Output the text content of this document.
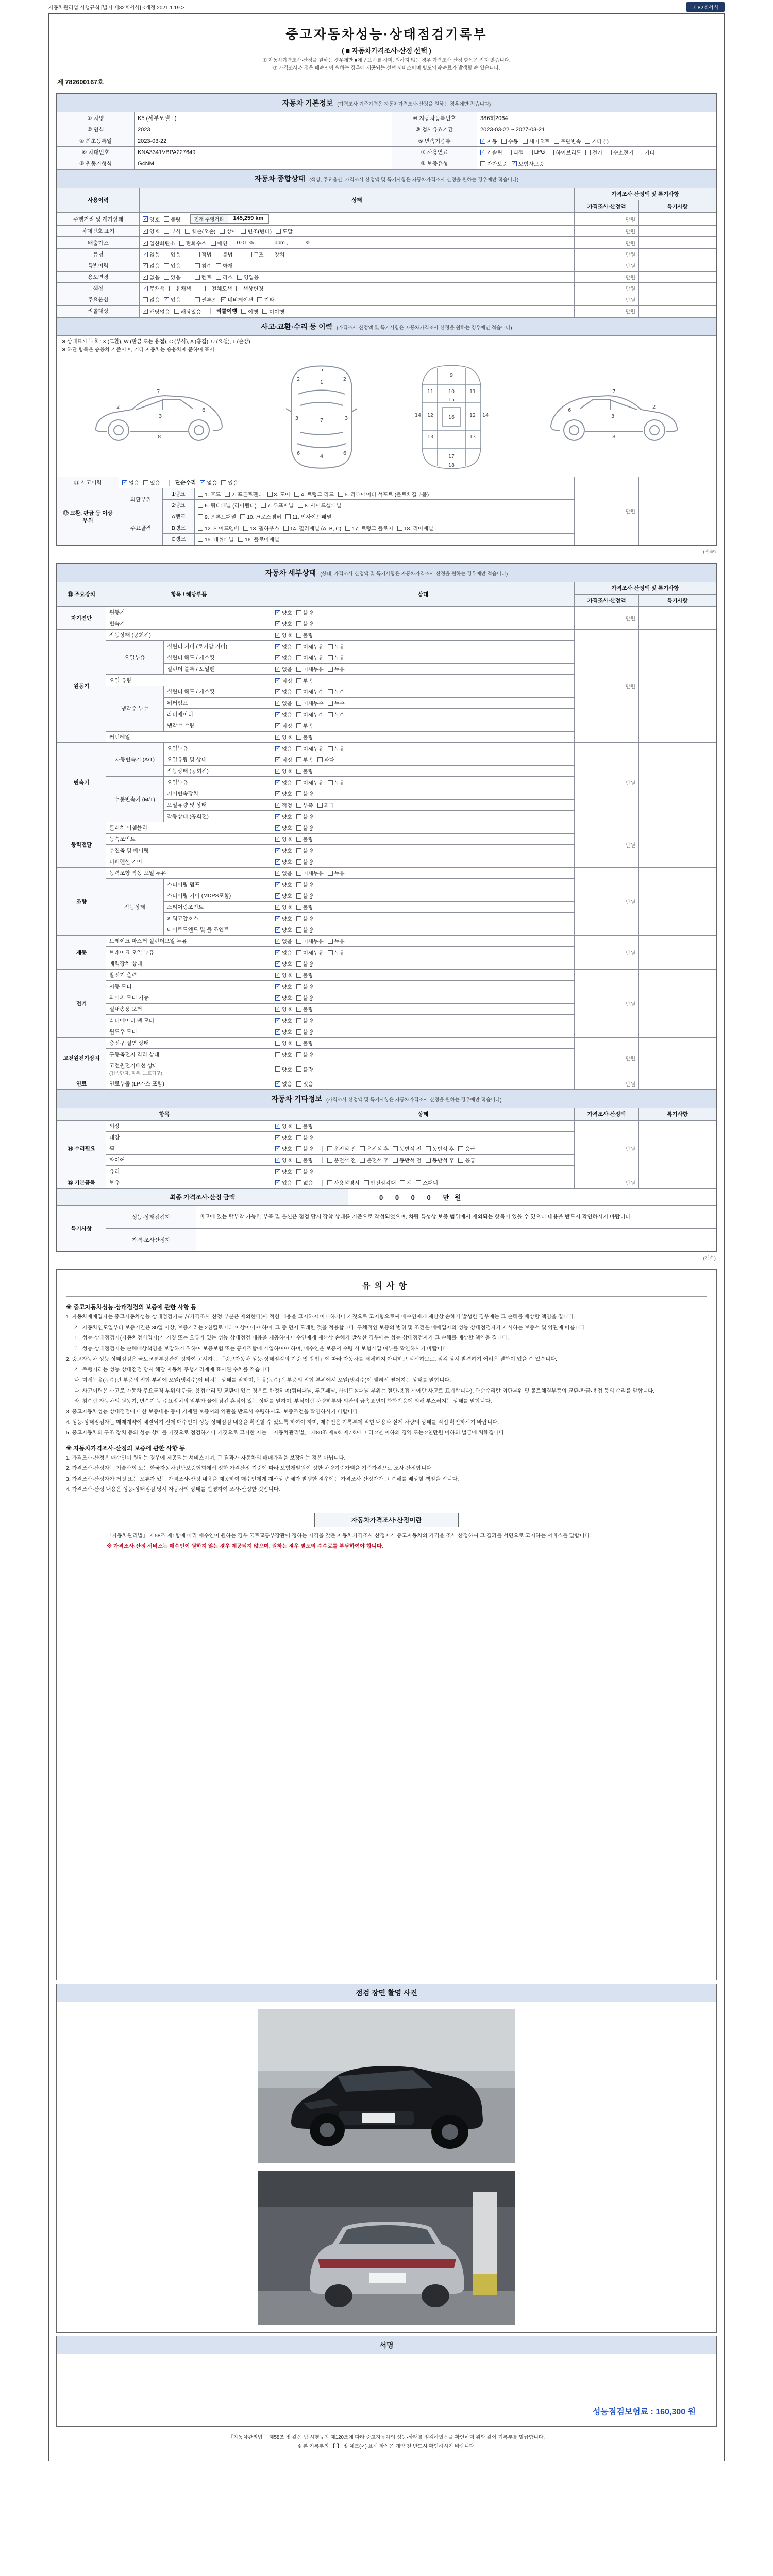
자동차관리법 시행규칙 [별지 제82호서식] <개정 2021.1.19.>	제82호서식
중고자동차성능·상태점검기록부
( ■ 자동차가격조사·산정 선택 )
① 자동차가격조사·산정을 원하는 경우에만 ■에 √ 표시를 하며, 원하지 않는 경우 가격조사·산정 항목은 적지 않습니다.
② 가격조사·산정은 매수인이 원하는 경우에 제공되는 선택 서비스이며 별도의 수수료가 발생할 수 있습니다.
제 782600167호
자동차 기본정보 (가격조사 기준가격은 자동차가격조사·산정을 원하는 경우에만 적습니다)			
① 차명	K5 (세부모델 : )	⑩ 자동차등록번호	386허2064
② 연식	2023	③ 검사유효기간	2023-03-22 ~ 2027-03-21
④ 최초등록일	2023-03-22	⑤ 변속기종류	✓ 자동 수동 세미오토 무단변속 기타 ( )

⑥ 차대번호	KNA3341VBPA227649	⑦ 사용연료	✓ 가솔린 디젤 LPG 하이브리드 전기 수소전기 기타

⑧ 원동기형식	G4NM	⑨ 보증유형	자가보증 ✓ 보험사보증
자동차 종합상태 (색상, 주요옵션, 가격조사·산정액 및 특기사항은 자동차가격조사·산정을 원하는 경우에만 적습니다)			
사용이력	상태	가격조사·산정액 및 특기사항	
		가격조사·산정액	특기사항
주행거리 및 계기상태	✓ 양호 불량 현재 주행거리 145,259 km	만원	
차대번호 표기	✓ 양호 부식 훼손(오손) 상이 변조(변타) 도말	만원	
배출가스	✓ 일산화탄소 탄화수소 매연 0.01 % ,　　　 ppm ,　　　 %	만원	
튜닝	✓ 없음 있음	적법 불법	구조 장치	만원	
특별이력	✓ 없음 있음 침수 화재	만원	
용도변경	✓ 없음 있음	렌트 리스 영업용	만원	
색상	✓ 무채색 유채색 전체도색 색상변경	만원	
주요옵션	없음 ✓ 있음	썬루프 ✓ 네비게이션 기타	만원	
리콜대상	✓ 해당없음 해당있음	리콜이행 이행 미이행	만원	
사고·교환·수리 등 이력 (가격조사·산정액 및 특기사항은 자동차가격조사·산정을 원하는 경우에만 적습니다)					

※ 상태표시 부호 : X (교환), W (판금 또는 용접), C (부식), A (흠집), U (요철), T (손상)
※ 하단 항목은 승용차 기준이며, 기타 자동차는 승용차에 준하여 표시					

7
2
3
6
8
1
7
4
2	2
3	3
6	6
5
9
10
11	11
12	12
13	13
14	14
15
16
17
18
7
2
3
6
8

⑪ 사고이력	✓ 없음 있음	단순수리 ✓ 없음 있음
	만원	
⑫ 교환, 판금 등 이상 부위	외판부위	1랭크	1. 후드 2. 프론트펜더 3. 도어 4. 트렁크 리드 5. 라디에이터 서포트 (볼트체결부품)		

		2랭크	6. 쿼터패널 (리어펜더) 7. 루프패널 8. 사이드실패널		

	주요골격	A랭크	9. 프론트패널 10. 크로스멤버 11. 인사이드패널		

		B랭크	12. 사이드멤버 13. 휠하우스 14. 필러패널 (A, B, C) 17. 트렁크 플로어 18. 리어패널		

		C랭크	15. 대쉬패널 16. 플로어패널		
(계속)
자동차 세부상태 (상태, 가격조사·산정액 및 특기사항은 자동차가격조사·산정을 원하는 경우에만 적습니다)					
⑬ 주요장치	항목 / 해당부품		상태	가격조사·산정액 및 특기사항	
				가격조사·산정액	특기사항
자기진단	원동기		✓ 양호 불량	만원	
	변속기		✓ 양호 불량		

원동기	작동상태 (공회전)		✓ 양호 불량	만원	
	오일누유	실린더 커버 (로커암 커버)	✓ 없음 미세누유 누유		

		실린더 헤드 / 개스킷	✓ 없음 미세누유 누유		

		실린더 블록 / 오일팬	✓ 없음 미세누유 누유		

	오일 유량		✓ 적정 부족		

	냉각수 누수	실린더 헤드 / 개스킷	✓ 없음 미세누수 누수		

		워터펌프	✓ 없음 미세누수 누수		

		라디에이터	✓ 없음 미세누수 누수		

		냉각수 수량	✓ 적정 부족		

	커먼레일		✓ 양호 불량		

변속기	자동변속기 (A/T)	오일누유	✓ 없음 미세누유 누유	만원	
		오일유량 및 상태	✓ 적정 부족 과다		

		작동상태 (공회전)	✓ 양호 불량		

	수동변속기 (M/T)	오일누유	✓ 없음 미세누유 누유		

		기어변속장치	✓ 양호 불량		

		오일유량 및 상태	✓ 적정 부족 과다		

		작동상태 (공회전)	✓ 양호 불량		

동력전달	클러치 어셈블리		✓ 양호 불량	만원	
	등속조인트		✓ 양호 불량		

	추진축 및 베어링		✓ 양호 불량		

	디퍼렌셜 기어		✓ 양호 불량		

조향	동력조향 작동 오일 누유		✓ 없음 미세누유 누유	만원	
	작동상태	스티어링 펌프	✓ 양호 불량		

		스티어링 기어 (MDPS포함)	✓ 양호 불량		

		스티어링조인트	✓ 양호 불량		

		파워고압호스	✓ 양호 불량		

		타이로드엔드 및 볼 조인트	✓ 양호 불량		

제동	브레이크 마스터 실린더오일 누유		✓ 없음 미세누유 누유	만원	
	브레이크 오일 누유		✓ 없음 미세누유 누유		

	배력장치 상태		✓ 양호 불량		

전기	발전기 출력		✓ 양호 불량	만원	
	시동 모터		✓ 양호 불량		

	와이퍼 모터 기능		✓ 양호 불량		

	실내송풍 모터		✓ 양호 불량		

	라디에이터 팬 모터		✓ 양호 불량		

	윈도우 모터		✓ 양호 불량		

고전원전기장치	충전구 절연 상태		양호 불량	만원	
	구동축전지 격리 상태		양호 불량		

	고전원전기배선 상태
(접속단자, 피복, 보호기구)		양호 불량		

연료	연료누출 (LP가스 포함)		✓ 없음 있음	만원	
자동차 기타정보 (가격조사·산정액 및 특기사항은 자동차가격조사·산정을 원하는 경우에만 적습니다)				
항목		상태	가격조사·산정액	특기사항
⑭ 수리필요	외장	✓ 양호 불량	만원	
	내장	✓ 양호 불량		

휠	✓ 양호 불량	운전석 전 운전석 후 동반석 전 동반석 후 응급

타이어	✓ 양호 불량	운전석 전 운전석 후 동반석 전 동반석 후 응급

	유리	✓ 양호 불량		

⑮ 기본품목	보유	✓ 있음 없음	사용설명서 안전삼각대 잭 스패너	만원	
최종 가격조사·산정 금액	0 0 0 0 만원
특기사항	성능·상태점검자	비고에 있는 탈부착 가능한 부품 및 옵션은 점검 당시 장착 상태를 기준으로 작성되었으며, 차량 특성상 보증 범위에서 제외되는 항목이 있을 수 있으니 내용을 반드시 확인하시기 바랍니다.
	가격·조사산정자	
(계속)
유의사항

※ 중고자동차성능·상태점검의 보증에 관한 사항 등

1. 자동차매매업자는 중고자동차성능·상태점검기록부(가격조사·산정 부분은 제외한다)에 적힌 내용을 고지하지 아니하거나 거짓으로 고지함으로써 매수인에게 재산상 손해가 발생한 경우에는 그 손해를 배상할 책임을 집니다.

가. 자동차인도일부터 보증기간은 30일 이상, 보증거리는 2천킬로미터 이상이어야 하며, 그 중 먼저 도래한 것을 적용합니다. 구체적인 보증의 범위 및 조건은 매매업자와 성능·상태점검자가 제시하는 보증서 및 약관에 따릅니다.

나. 성능·상태점검자(자동차정비업자)가 거짓 또는 오류가 있는 성능·상태점검 내용을 제공하여 매수인에게 재산상 손해가 발생한 경우에는 성능·상태점검자가 그 손해를 배상할 책임을 집니다.

다. 성능·상태점검자는 손해배상책임을 보장하기 위하여 보증보험 또는 공제조합에 가입하여야 하며, 매수인은 보증서 수령 시 보험가입 여부를 확인하시기 바랍니다.

2. 중고자동차 성능·상태점검은 국토교통부장관이 정하여 고시하는 「중고자동차 성능·상태점검의 기준 및 방법」에 따라 자동차를 해체하지 아니하고 실시하므로, 점검 당시 발견하기 어려운 결함이 있을 수 있습니다.

가. 주행거리는 성능·상태점검 당시 해당 자동차 주행거리계에 표시된 수치를 적습니다.

나. 미세누유(누수)란 부품의 접합 부위에 오일(냉각수)이 비치는 상태를 말하며, 누유(누수)란 부품의 접합 부위에서 오일(냉각수)이 맺혀서 떨어지는 상태를 말합니다.

다. 사고이력은 사고로 자동차 주요골격 부위의 판금, 용접수리 및 교환이 있는 경우로 한정하며(쿼터패널, 루프패널, 사이드실패널 부위는 절단·용접 시에만 사고로 표기합니다), 단순수리란 외판부위 및 볼트체결부품의 교환·판금·용접 등의 수리를 말합니다.

라. 침수란 자동차의 원동기, 변속기 등 주요장치의 일부가 물에 잠긴 흔적이 있는 상태를 말하며, 부식이란 차량하부와 외판의 금속표면이 화학반응에 의해 부스러지는 상태를 말합니다.

3. 중고자동차성능·상태점검에 대한 보증내용 등이 기재된 보증서와 약관을 반드시 수령하시고, 보증조건을 확인하시기 바랍니다.

4. 성능·상태점검자는 매매계약이 체결되기 전에 매수인이 성능·상태점검 내용을 확인할 수 있도록 하여야 하며, 매수인은 기록부에 적힌 내용과 실제 차량의 상태를 직접 확인하시기 바랍니다.

5. 중고자동차의 구조·장치 등의 성능·상태를 거짓으로 점검하거나 거짓으로 고지한 자는 「자동차관리법」 제80조 제6호·제7호에 따라 2년 이하의 징역 또는 2천만원 이하의 벌금에 처해집니다.

※ 자동차가격조사·산정의 보증에 관한 사항 등

1. 가격조사·산정은 매수인이 원하는 경우에 제공되는 서비스이며, 그 결과가 자동차의 매매가격을 보장하는 것은 아닙니다.

2. 가격조사·산정자는 기술사회 또는 한국자동차진단보증협회에서 정한 가격산정 기준에 따라 보험개발원이 정한 차량기준가액을 기준가격으로 조사·산정합니다.

3. 가격조사·산정자가 거짓 또는 오류가 있는 가격조사·산정 내용을 제공하여 매수인에게 재산상 손해가 발생한 경우에는 가격조사·산정자가 그 손해를 배상할 책임을 집니다.

4. 가격조사·산정 내용은 성능·상태점검 당시 자동차의 상태를 반영하여 조사·산정한 것입니다.

자동차가격조사·산정이란

「자동차관리법」 제58조 제1항에 따라 매수인이 원하는 경우 국토교통부장관이 정하는 자격을 갖춘 자동차가격조사·산정자가 중고자동차의 가격을 조사·산정하여 그 결과를 서면으로 고지하는 서비스를 말합니다.

※ 가격조사·산정 서비스는 매수인이 원하지 않는 경우 제공되지 않으며, 원하는 경우 별도의 수수료를 부담하여야 합니다.

점검 장면 촬영 사진
서명
성능점검보험료 : 160,300 원
「자동차관리법」 제58조 및 같은 법 시행규칙 제120조에 따라 중고자동차의 성능·상태를 점검하였음을 확인하며 위와 같이 기록부를 발급합니다.
※ 본 기록부의 【 】 및 체크(✓) 표시 항목은 계약 전 반드시 확인하시기 바랍니다.
